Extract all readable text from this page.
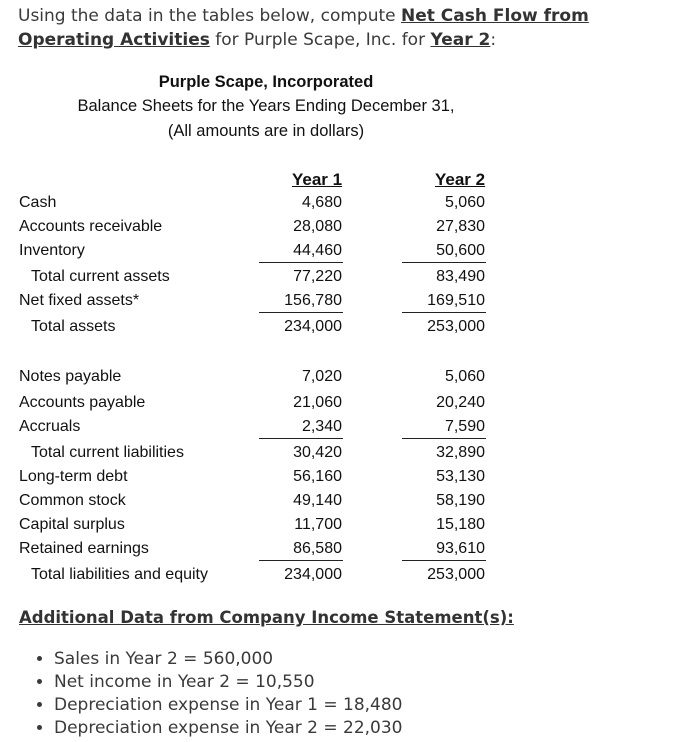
Using the data in the tables below, compute Net Cash Flow from Operating Activities for Purple Scape, Inc. for Year 2:
Purple Scape, Incorporated
Balance Sheets for the Years Ending December 31,
(All amounts are in dollars)
Year 1	Year 2
Cash	4,680	5,060
Accounts receivable	28,080	27,830
Inventory	44,460	50,600
Total current assets	77,220	83,490
Net fixed assets*	156,780	169,510
Total assets	234,000	253,000
Notes payable	7,020	5,060
Accounts payable	21,060	20,240
Accruals	2,340	7,590
Total current liabilities	30,420	32,890
Long-term debt	56,160	53,130
Common stock	49,140	58,190
Capital surplus	11,700	15,180
Retained earnings	86,580	93,610
Total liabilities and equity	234,000	253,000
Additional Data from Company Income Statement(s):
• Sales in Year 2 = 560,000
• Net income in Year 2 = 10,550
• Depreciation expense in Year 1 = 18,480
• Depreciation expense in Year 2 = 22,030
